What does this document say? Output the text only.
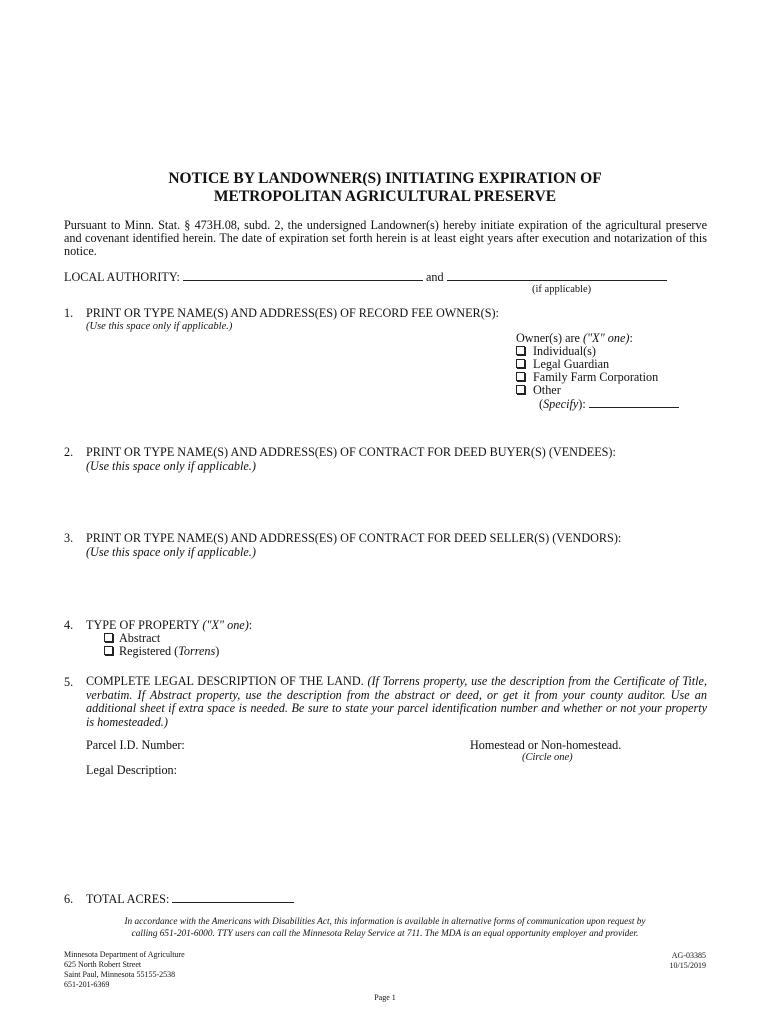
NOTICE BY LANDOWNER(S) INITIATING EXPIRATION OF
METROPOLITAN AGRICULTURAL PRESERVE
Pursuant to Minn. Stat. § 473H.08, subd. 2, the undersigned Landowner(s) hereby initiate expiration of the agricultural preserve and covenant identified herein. The date of expiration set forth herein is at least eight years after execution and notarization of this notice.
LOCAL AUTHORITY:	and
(if applicable)
1. PRINT OR TYPE NAME(S) AND ADDRESS(ES) OF RECORD FEE OWNER(S):
(Use this space only if applicable.)
Owner(s) are ("X" one):
Individual(s)
Legal Guardian
Family Farm Corporation
Other
(Specify):
2. PRINT OR TYPE NAME(S) AND ADDRESS(ES) OF CONTRACT FOR DEED BUYER(S) (VENDEES):
(Use this space only if applicable.)
3. PRINT OR TYPE NAME(S) AND ADDRESS(ES) OF CONTRACT FOR DEED SELLER(S) (VENDORS):
(Use this space only if applicable.)
4. TYPE OF PROPERTY ("X" one):
Abstract
Registered (Torrens)
5. COMPLETE LEGAL DESCRIPTION OF THE LAND. (If Torrens property, use the description from the Certificate of Title, verbatim. If Abstract property, use the description from the abstract or deed, or get it from your county auditor. Use an additional sheet if extra space is needed. Be sure to state your parcel identification number and whether or not your property is homesteaded.)
Parcel I.D. Number:	Homestead or Non-homestead.
(Circle one)
Legal Description:
6. TOTAL ACRES:
In accordance with the Americans with Disabilities Act, this information is available in alternative forms of communication upon request by
calling 651-201-6000. TTY users can call the Minnesota Relay Service at 711. The MDA is an equal opportunity employer and provider.
Minnesota Department of Agriculture
625 North Robert Street
Saint Paul, Minnesota 55155-2538
651-201-6369
AG-03385
10/15/2019
Page 1
